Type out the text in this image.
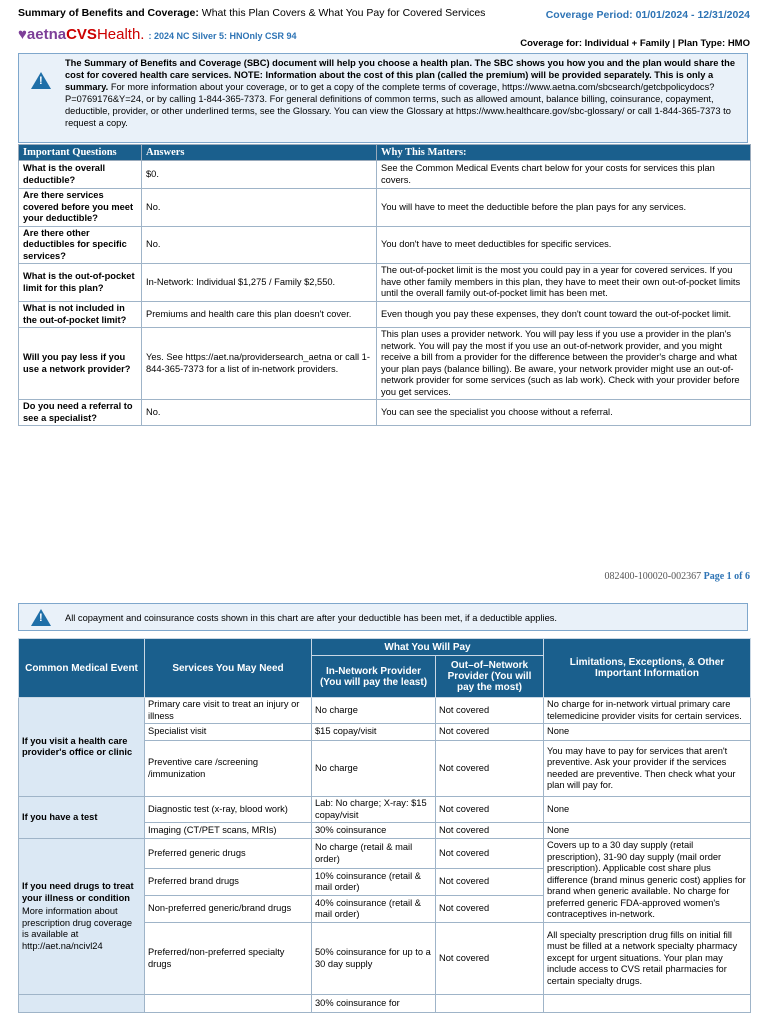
Summary of Benefits and Coverage: What this Plan Covers & What You Pay for Covered Services	Coverage Period: 01/01/2024 - 12/31/2024
♥aetnaCVSHealth. : 2024 NC Silver 5: HNOnly CSR 94
Coverage for: Individual + Family | Plan Type: HMO
!
The Summary of Benefits and Coverage (SBC) document will help you choose a health plan. The SBC shows you how you and the plan would share the cost for covered health care services. NOTE: Information about the cost of this plan (called the premium) will be provided separately. This is only a summary. For more information about your coverage, or to get a copy of the complete terms of coverage, https://www.aetna.com/sbcsearch/getcbpolicydocs?P=0769176&Y=24, or by calling 1-844-365-7373. For general definitions of common terms, such as allowed amount, balance billing, coinsurance, copayment, deductible, provider, or other underlined terms, see the Glossary. You can view the Glossary at https://www.healthcare.gov/sbc-glossary/ or call 1-844-365-7373 to request a copy.
Important Questions	Answers	Why This Matters:
What is the overall deductible?	$0.	See the Common Medical Events chart below for your costs for services this plan covers.
Are there services covered before you meet your deductible?	No.	You will have to meet the deductible before the plan pays for any services.
Are there other deductibles for specific services?	No.	You don't have to meet deductibles for specific services.
What is the out-of-pocket limit for this plan?	In-Network: Individual $1,275 / Family $2,550.	The out-of-pocket limit is the most you could pay in a year for covered services. If you have other family members in this plan, they have to meet their own out-of-pocket limits until the overall family out-of-pocket limit has been met.
What is not included in the out-of-pocket limit?	Premiums and health care this plan doesn't cover.	Even though you pay these expenses, they don't count toward the out-of-pocket limit.
Will you pay less if you use a network provider?	Yes. See https://aet.na/providersearch_aetna or call 1-844-365-7373 for a list of in-network providers.	This plan uses a provider network. You will pay less if you use a provider in the plan's network. You will pay the most if you use an out-of-network provider, and you might receive a bill from a provider for the difference between the provider's charge and what your plan pays (balance billing). Be aware, your network provider might use an out-of-network provider for some services (such as lab work). Check with your provider before you get services.
Do you need a referral to see a specialist?	No.	You can see the specialist you choose without a referral.
082400-100020-002367 Page 1 of 6
! All copayment and coinsurance costs shown in this chart are after your deductible has been met, if a deductible applies.
Common Medical Event	Services You May Need	What You Will Pay		Limitations, Exceptions, & Other Important Information
		In-Network Provider (You will pay the least)	Out–of–Network Provider (You will pay the most)	
If you visit a health care provider's office or clinic	Primary care visit to treat an injury or illness	No charge	Not covered	No charge for in-network virtual primary care telemedicine provider visits for certain services.
	Specialist visit	$15 copay/visit	Not covered	None
	Preventive care /screening /immunization	No charge	Not covered	You may have to pay for services that aren't preventive. Ask your provider if the services needed are preventive. Then check what your plan will pay for.
If you have a test	Diagnostic test (x-ray, blood work)	Lab: No charge; X-ray: $15 copay/visit	Not covered	None
	Imaging (CT/PET scans, MRIs)	30% coinsurance	Not covered	None
If you need drugs to treat your illness or condition
More information about prescription drug coverage is available at http://aet.na/ncivl24	Preferred generic drugs	No charge (retail & mail order)	Not covered	Covers up to a 30 day supply (retail prescription), 31-90 day supply (mail order prescription). Applicable cost share plus difference (brand minus generic cost) applies for brand when generic available. No charge for preferred generic FDA-approved women's contraceptives in-network.
	Preferred brand drugs	10% coinsurance (retail & mail order)	Not covered	
	Non-preferred generic/brand drugs	40% coinsurance (retail & mail order)	Not covered	
	Preferred/non-preferred specialty drugs	50% coinsurance for up to a 30 day supply	Not covered	All specialty prescription drug fills on initial fill must be filled at a network specialty pharmacy except for urgent situations. Your plan may include access to CVS retail pharmacies for certain specialty drugs.
		30% coinsurance for		
